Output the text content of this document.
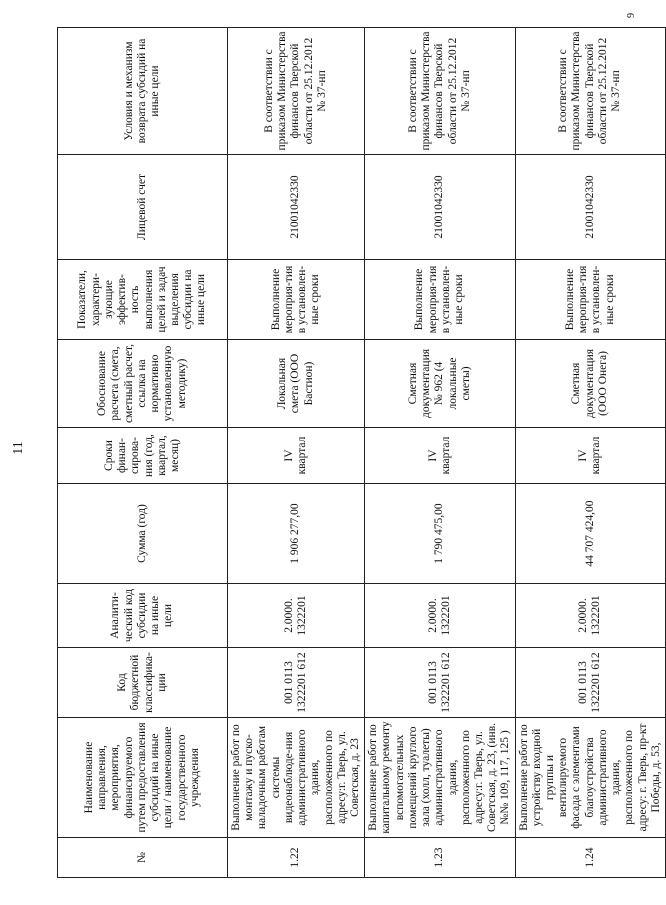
11
9
№	Наименование направления, мероприятия, финансируемого путем предоставления субсидий на иные цели / наименование государственного учреждения	Код бюджетной классифика-ции	Аналити-ческий код субсидии на иные цели	Сумма (год)	Сроки финан-сирова-ния (год, квартал, месяц)	Обоснование расчета (смета, сметный расчет, ссылка на нормативно установленную методику)	Показатели, характери-зующие эффектив-ность выполнения целей и задач выделения субсидии на иные цели	Лицевой счет	Условия и механизм возврата субсидий на иные цели
1.22	Выполнение работ по монтажу и пуско-наладочным работам системы видеонаблюде-ния административного здания, расположенного по адресу:г. Тверь, ул. Советская, д. 23	001 0113 1322201 612	2.0000. 1322201	1 906 277,00	IV квартал	Локальная смета (ООО Бастион)	Выполнение мероприя-тия в установлен-ные сроки	21001042330	В соответствии с приказом Министерства финансов Тверской области от 25.12.2012 № 37-нп
1.23	Выполнение работ по капитальному ремонту вспомогательных помещений круглого зала (холл, туалеты) административного здания, расположенного по адресу:г. Тверь, ул. Советская, д. 23, (инв. №№ 109, 117, 125 )	001 0113 1322201 612	2.0000. 1322201	1 790 475,00	IV квартал	Сметная документация № 962 (4 локальные сметы)	Выполнение мероприя-тия в установлен-ные сроки	21001042330	В соответствии с приказом Министерства финансов Тверской области от 25.12.2012 № 37-нп
1.24	Выполнение работ по устройству входной группы и вентилируемого фасада с элементами благоустройства административного здания, расположенного по адресу: г. Тверь, пр-кт Победы, д. 53,	001 0113 1322201 612	2.0000. 1322201	44 707 424,00	IV квартал	Сметная документация (ООО Онега)	Выполнение мероприя-тия в установлен-ные сроки	21001042330	В соответствии с приказом Министерства финансов Тверской области от 25.12.2012 № 37-нп
